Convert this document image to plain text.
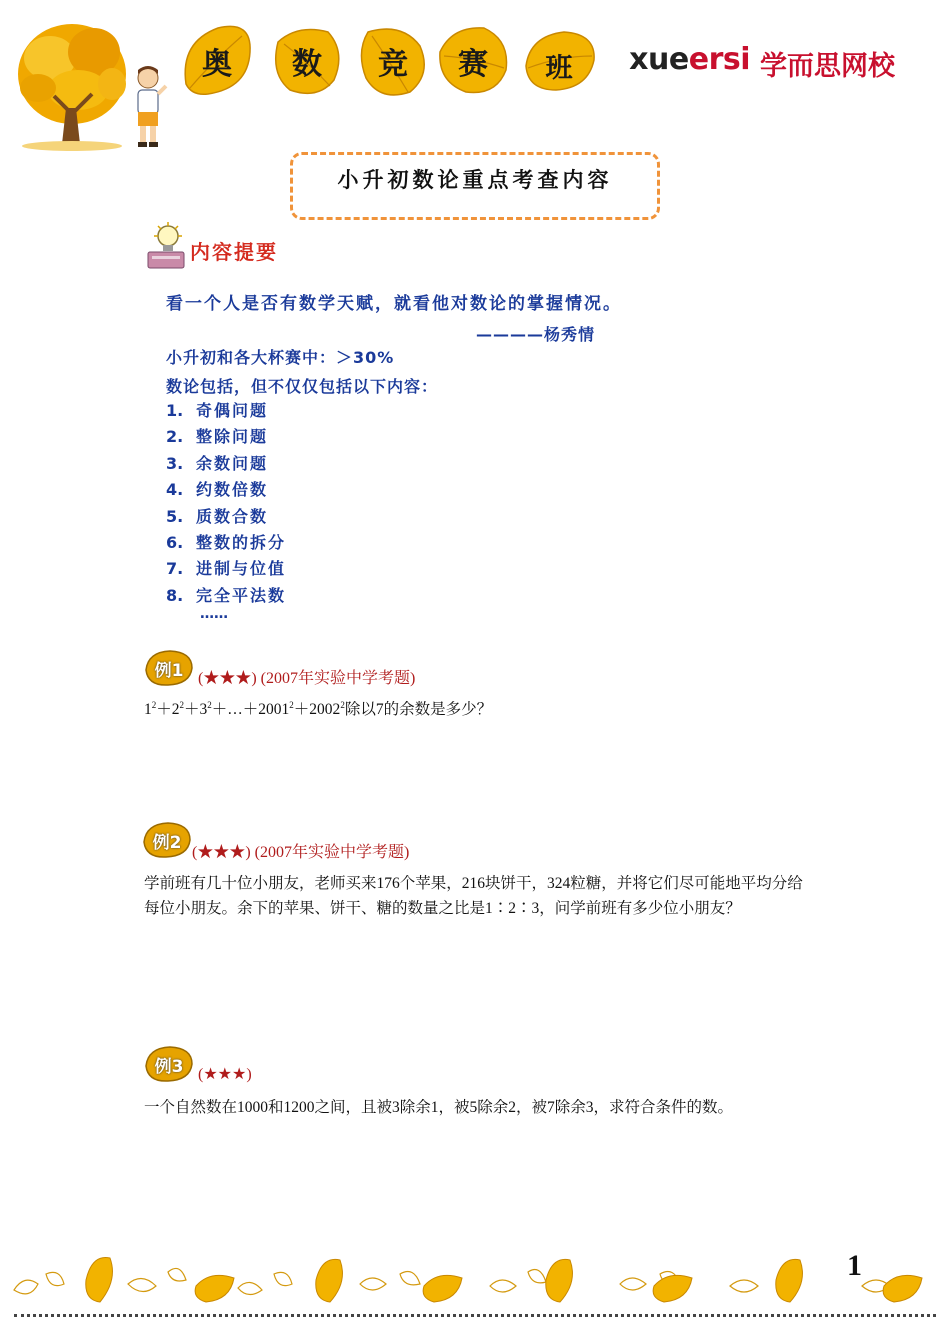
奥	数	竞	赛	班	xueersi 学而思网校
小升初数论重点考查内容
内容提要
看一个人是否有数学天赋，就看他对数论的掌握情况。
————杨秀情
小升初和各大杯赛中：＞30%
数论包括，但不仅仅包括以下内容：
1. 奇偶问题
2. 整除问题
3. 余数问题
4. 约数倍数
5. 质数合数
6. 整数的拆分
7. 进制与位值
8. 完全平法数
……
例1 (★★★) (2007年实验中学考题)
$1^2+2^2+3^2+\dots+2001^2+2002^2$除以7的余数是多少？
例2 (★★★) (2007年实验中学考题)
学前班有几十位小朋友，老师买来176个苹果，216块饼干，324粒糖，并将它们尽可能地平均分给每位小朋友。余下的苹果、饼干、糖的数量之比是1∶2∶3，问学前班有多少位小朋友？
例3 (★★★)
一个自然数在1000和1200之间，且被3除余1，被5除余2，被7除余3，求符合条件的数。
1
